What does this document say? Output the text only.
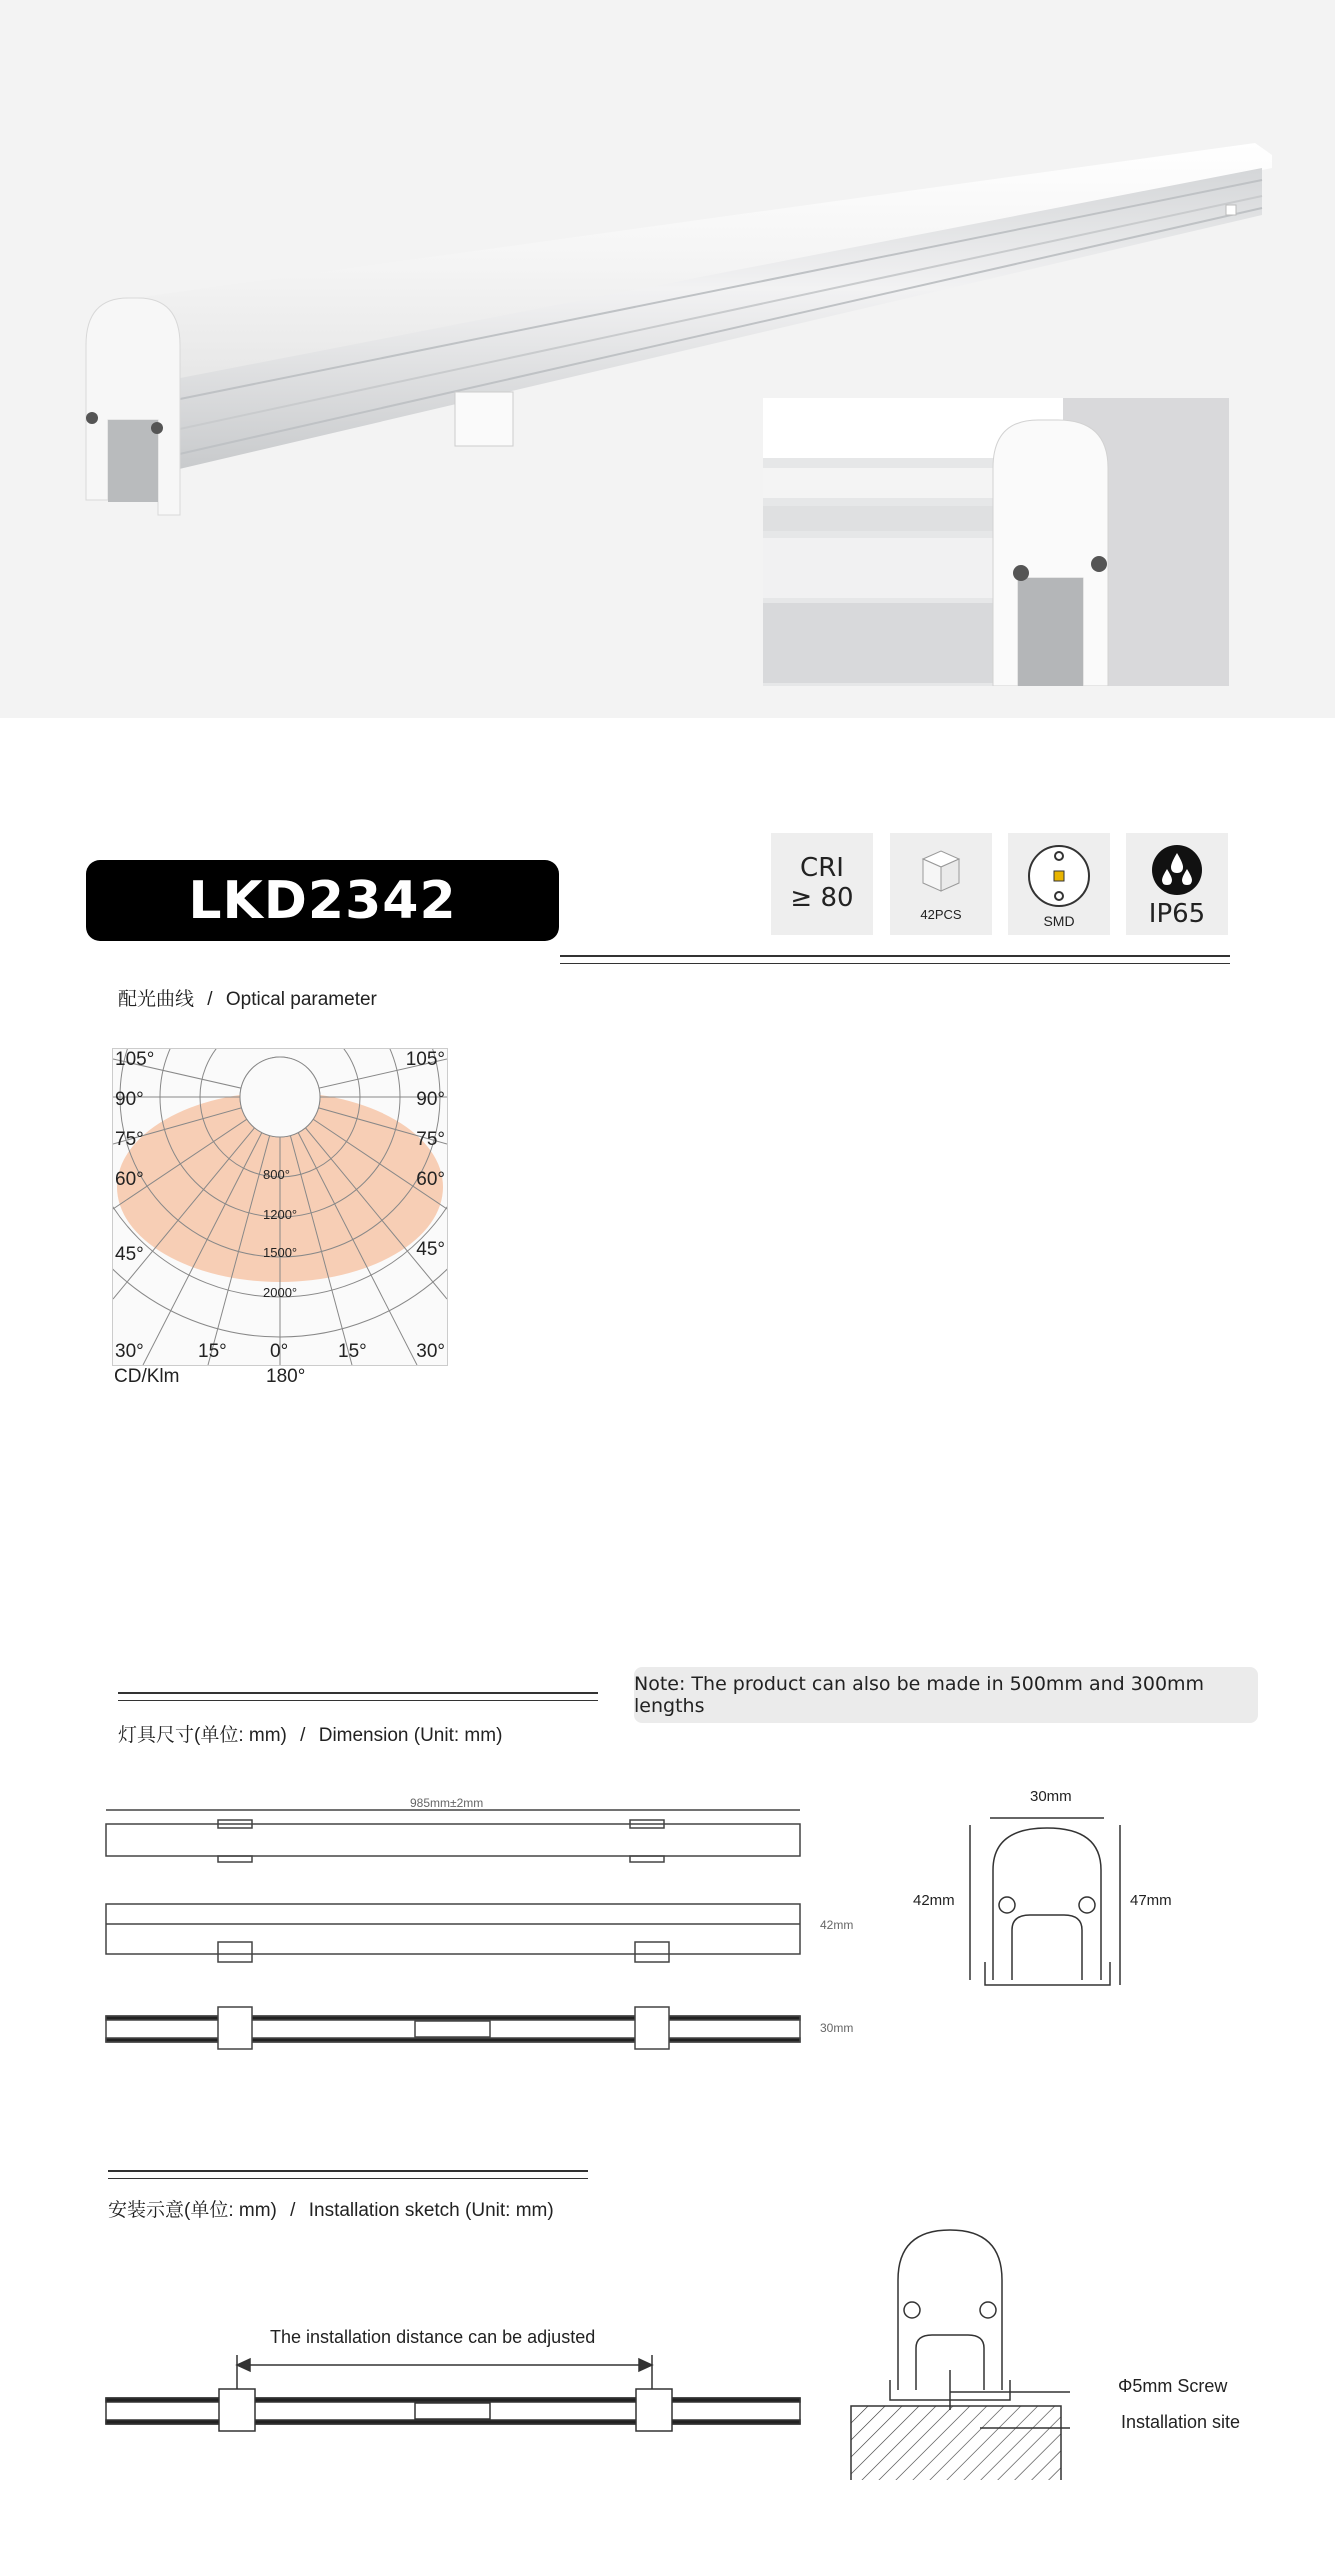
LKD2342
CRI
≥ 80
42PCS	SMD	IP65
配光曲线 / Optical parameter
105°
90°
75°
60°
45°
105°
90°
75°
60°
45°
800°
1200°
1500°
2000°
30°	15° 0°	15°	30°
CD/Klm	180°
Note: The product can also be made in 500mm and 300mm lengths
灯具尺寸(单位: mm) / Dimension (Unit: mm)
985mm±2mm
42mm
30mm
30mm
42mm	47mm
安装示意(单位: mm) / Installation sketch (Unit: mm)
The installation distance can be adjusted
Φ5mm Screw
Installation site
